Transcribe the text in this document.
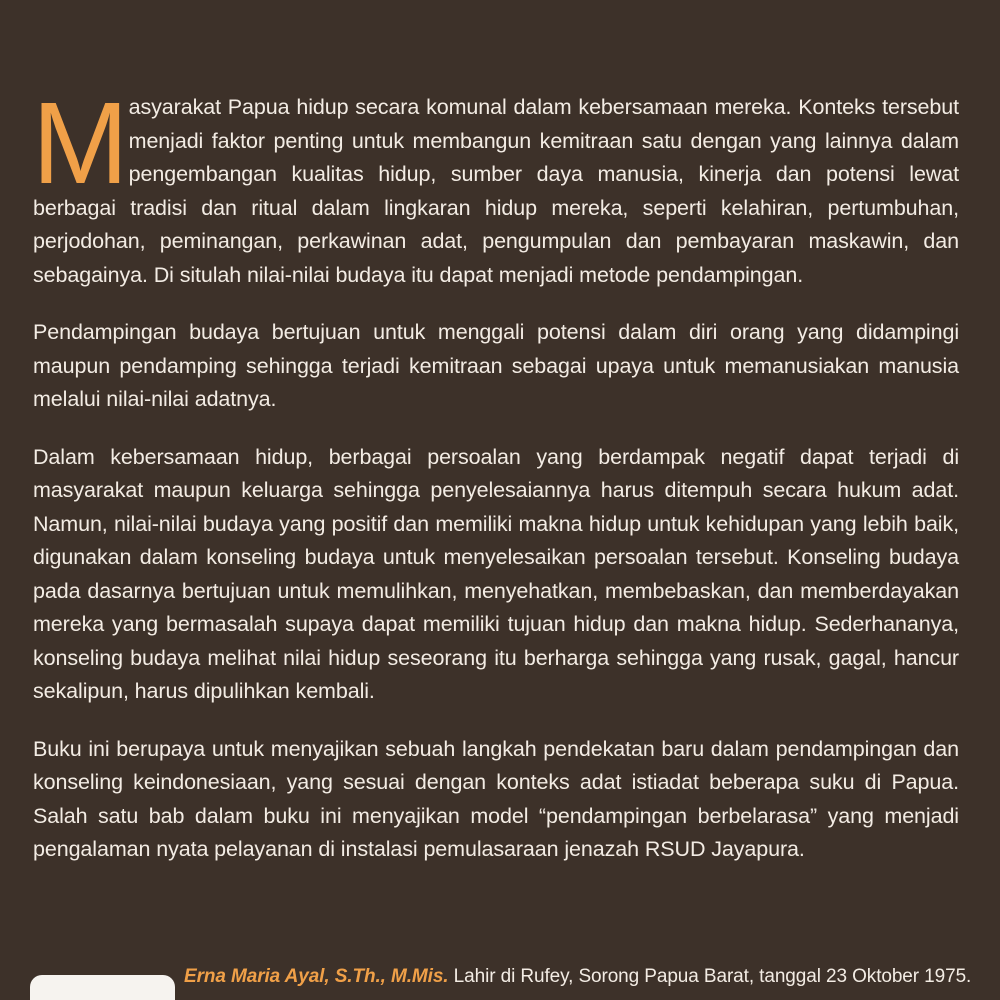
Masyarakat Papua hidup secara komunal dalam kebersamaan mereka. Konteks tersebut menjadi faktor penting untuk membangun kemitraan satu dengan yang lainnya dalam pengembangan kualitas hidup, sumber daya manusia, kinerja dan potensi lewat berbagai tradisi dan ritual dalam lingkaran hidup mereka, seperti kelahiran, pertumbuhan, perjodohan, peminangan, perkawinan adat, pengumpulan dan pembayaran maskawin, dan sebagainya. Di situlah nilai-nilai budaya itu dapat menjadi metode pendampingan.

Pendampingan budaya bertujuan untuk menggali potensi dalam diri orang yang didampingi maupun pendamping sehingga terjadi kemitraan sebagai upaya untuk memanusiakan manusia melalui nilai-nilai adatnya.

Dalam kebersamaan hidup, berbagai persoalan yang berdampak negatif dapat terjadi di masyarakat maupun keluarga sehingga penyelesaiannya harus ditempuh secara hukum adat. Namun, nilai-nilai budaya yang positif dan memiliki makna hidup untuk kehidupan yang lebih baik, digunakan dalam konseling budaya untuk menyelesaikan persoalan tersebut. Konseling budaya pada dasarnya bertujuan untuk memulihkan, menyehatkan, membebaskan, dan memberdayakan mereka yang bermasalah supaya dapat memiliki tujuan hidup dan makna hidup. Sederhananya, konseling budaya melihat nilai hidup seseorang itu berharga sehingga yang rusak, gagal, hancur sekalipun, harus dipulihkan kembali.

Buku ini berupaya untuk menyajikan sebuah langkah pendekatan baru dalam pendampingan dan konseling keindonesiaan, yang sesuai dengan konteks adat istiadat beberapa suku di Papua. Salah satu bab dalam buku ini menyajikan model “pendampingan berbelarasa” yang menjadi pengalaman nyata pelayanan di instalasi pemulasaraan jenazah RSUD Jayapura.

Erna Maria Ayal, S.Th., M.Mis. Lahir di Rufey, Sorong Papua Barat, tanggal 23 Oktober 1975.
